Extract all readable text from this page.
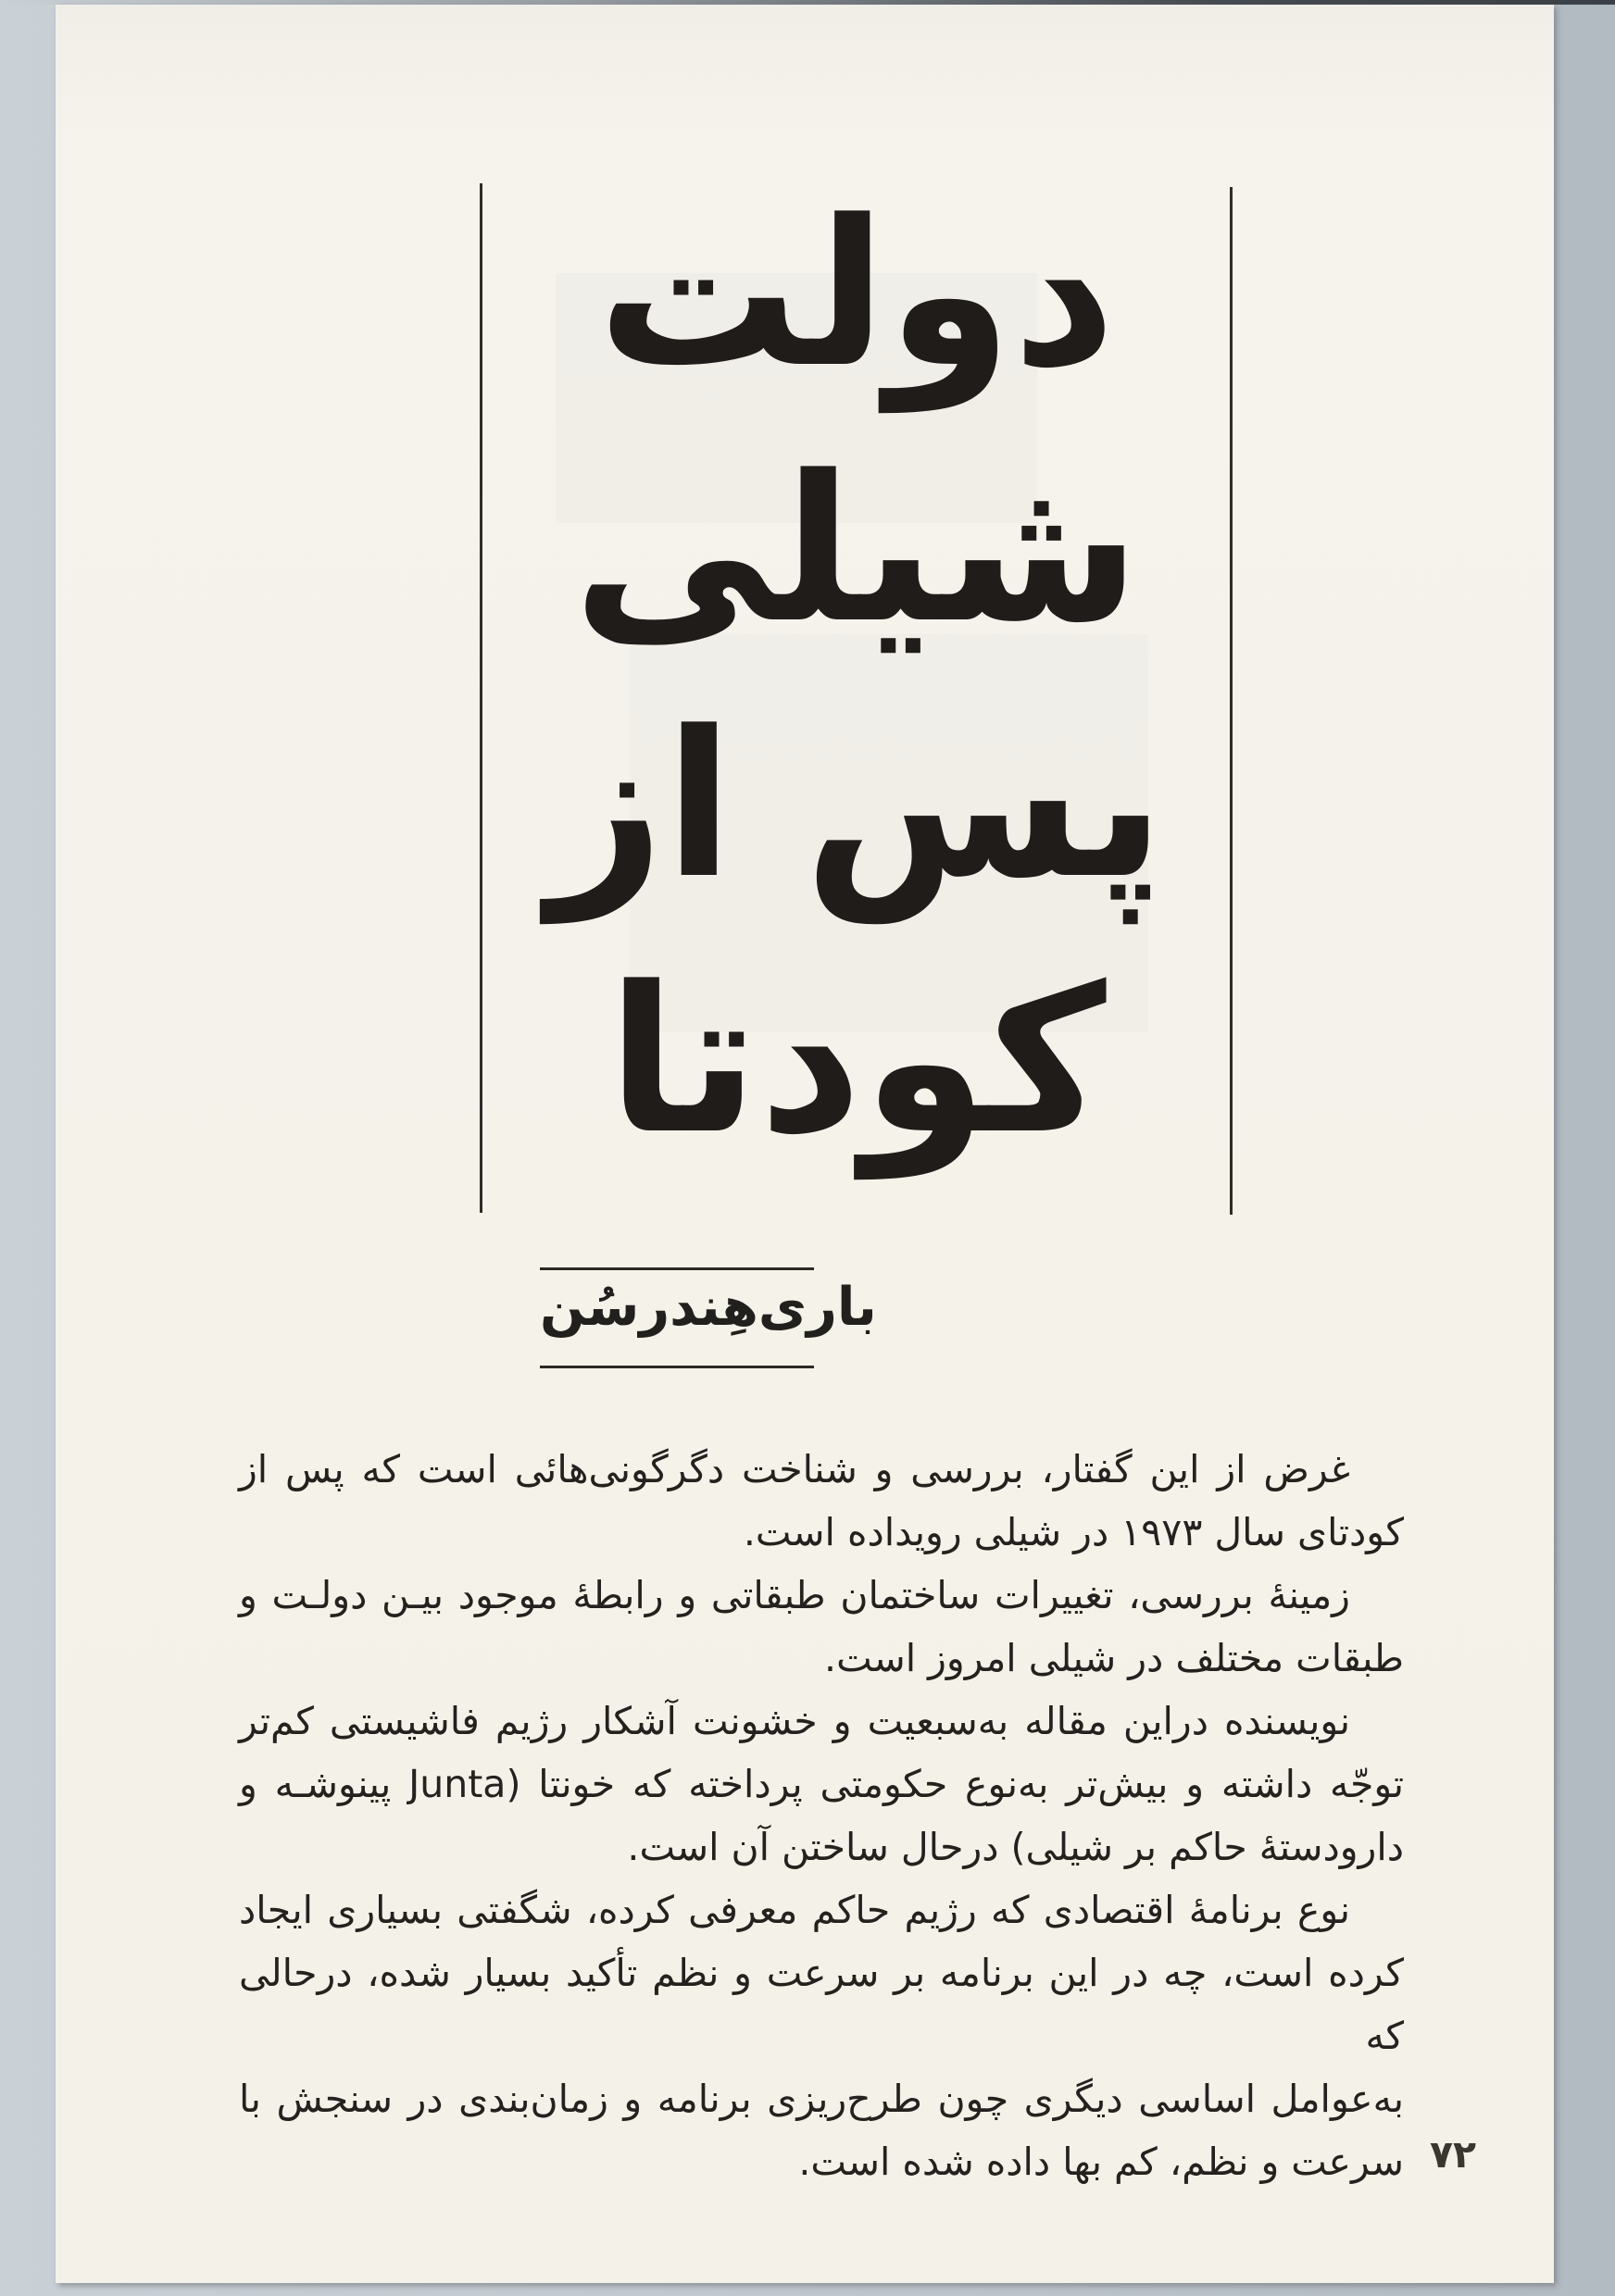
دولت
شیلی
پس از
کودتا
باری‌هِندرسُن
غرض از این گفتار، بررسی و شناخت دگرگونی‌هائی است که پس از
کودتای سال ۱۹۷۳ در شیلی رویداده است.
زمینهٔ بررسی، تغییرات ساختمان طبقاتی و رابطهٔ موجود بیـن دولـت و
طبقات مختلف در شیلی امروز است.
نویسنده دراین مقاله به‌سبعیت و خشونت آشکار رژیم فاشیستی کم‌تر
توجّه داشته و بیش‌تر به‌نوع حکومتی پرداخته که خونتا (Junta پینوشـه و
دارودستهٔ حاکم بر شیلی) درحال ساختن آن است.
نوع برنامهٔ اقتصادی که رژیم حاکم معرفی کرده، شگفتی بسیاری ایجاد
کرده است، چه در این برنامه بر سرعت و نظم تأکید بسیار شده، درحالی که
به‌عوامل اساسی دیگری چون طرح‌ریزی برنامه و زمان‌بندی در سنجش با
سرعت و نظم، کم بها داده شده است. ۷۲
